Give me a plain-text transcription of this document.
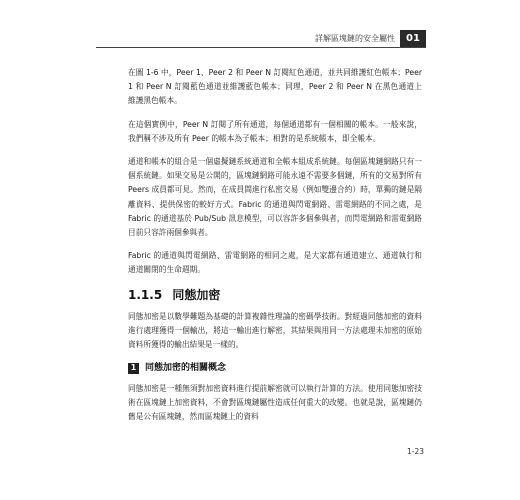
詳解區塊鏈的安全屬性	01

在圖 1-6 中，Peer 1、Peer 2 和 Peer N 訂閱紅色通道，並共同維護紅色帳本；Peer 1 和 Peer N 訂閱藍色通道並維護藍色帳本；同理，Peer 2 和 Peer N 在黑色通道上維護黑色帳本。

在這個實例中，Peer N 訂閱了所有通道，每個通道都有一個相關的帳本。一般來說，我們稱不涉及所有 Peer 的帳本為子帳本；相對的是系統帳本，即全帳本。

通道和帳本的組合是一個虛擬鏈系統通道和全帳本組成系統鏈。每個區塊鏈網路只有一個系統鏈。如果交易是公開的，區塊鏈網路可能永遠不需要多個鏈，所有的交易對所有 Peers 成員都可見。然而，在成員間進行私密交易（例如雙邊合約）時，單獨的鏈是隔離資料、提供保密的較好方式。Fabric 的通道與閃電網路、雷電網路的不同之處，是 Fabric 的通道基於 Pub/Sub 訊息模型，可以容許多個參與者，而閃電網路和雷電網路目前只容許兩個參與者。

Fabric 的通道與閃電網路、雷電網路的相同之處，是大家都有通道建立、通道執行和通道關閉的生命週期。

1.1.5 同態加密

同態加密是以數學難題為基礎的計算複雜性理論的密碼學技術。對經過同態加密的資料進行處理獲得一個輸出，將這一輸出進行解密，其結果與用同一方法處理未加密的原始資料所獲得的輸出結果是一樣的。

1 同態加密的相關概念

同態加密是一種無須對加密資料進行提前解密就可以執行計算的方法。使用同態加密技術在區塊鏈上加密資料，不會對區塊鏈屬性造成任何重大的改變。也就是說，區塊鏈仍舊是公有區塊鏈，然而區塊鏈上的資料

1-23
